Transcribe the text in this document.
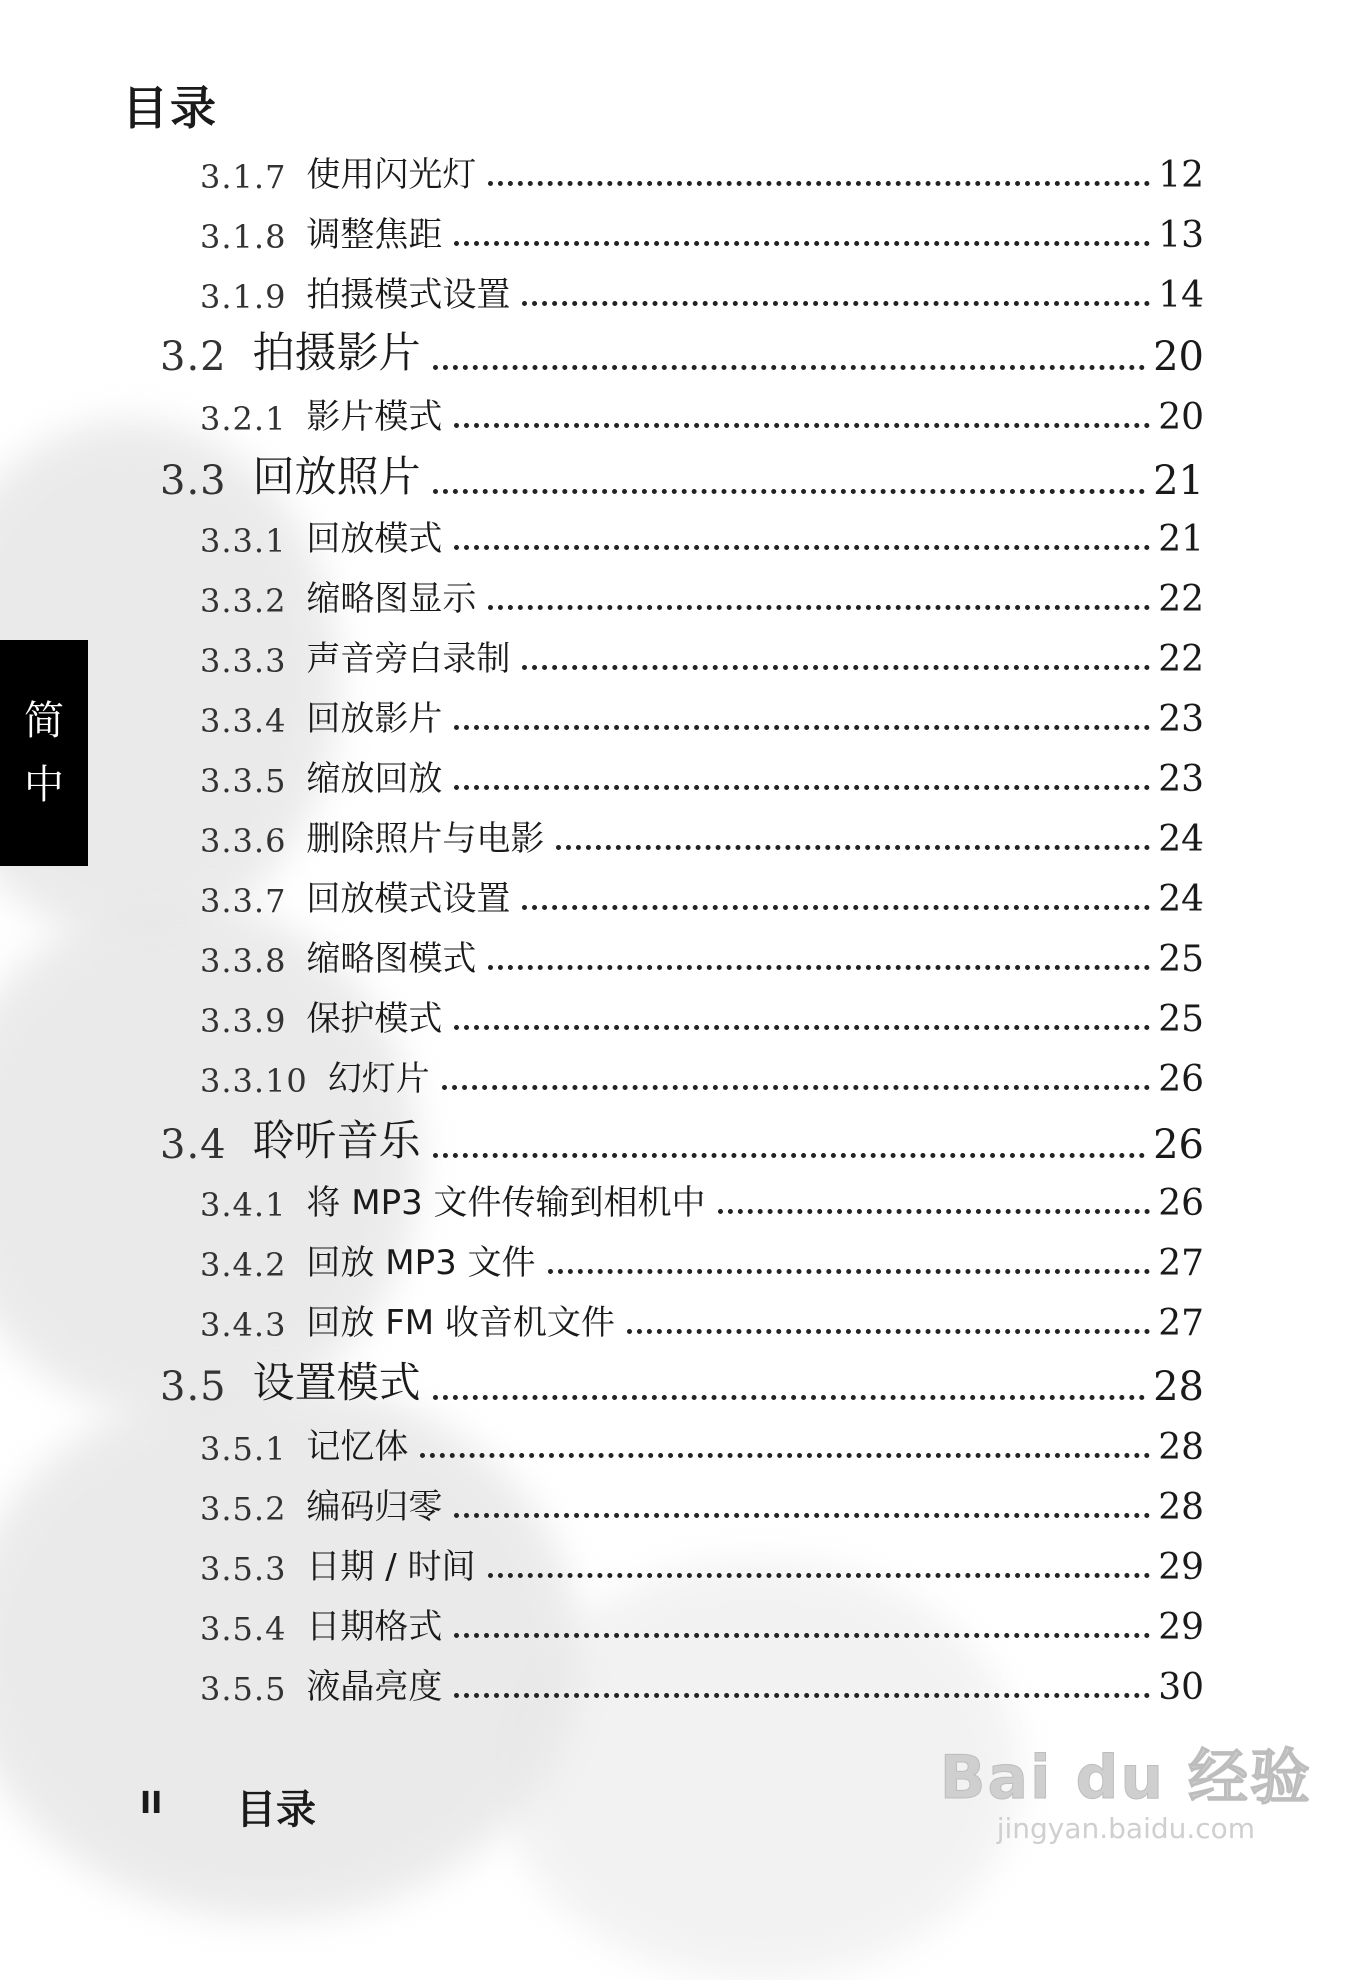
目录
简
中
3.1.7 使用闪光灯	12
3.1.8 调整焦距	13
3.1.9 拍摄模式设置	14
3.2 拍摄影片	20
3.2.1 影片模式	20
3.3 回放照片	21
3.3.1 回放模式	21
3.3.2 缩略图显示	22
3.3.3 声音旁白录制	22
3.3.4 回放影片	23
3.3.5 缩放回放	23
3.3.6 删除照片与电影	24
3.3.7 回放模式设置	24
3.3.8 缩略图模式	25
3.3.9 保护模式	25
3.3.10 幻灯片	26
3.4 聆听音乐	26
3.4.1 将 MP3 文件传输到相机中	26
3.4.2 回放 MP3 文件	27
3.4.3 回放 FM 收音机文件	27
3.5 设置模式	28
3.5.1 记忆体	28
3.5.2 编码归零	28
3.5.3 日期 / 时间	29
3.5.4 日期格式	29
3.5.5 液晶亮度	30
II 目录	Bai du 经验
jingyan.baidu.com
